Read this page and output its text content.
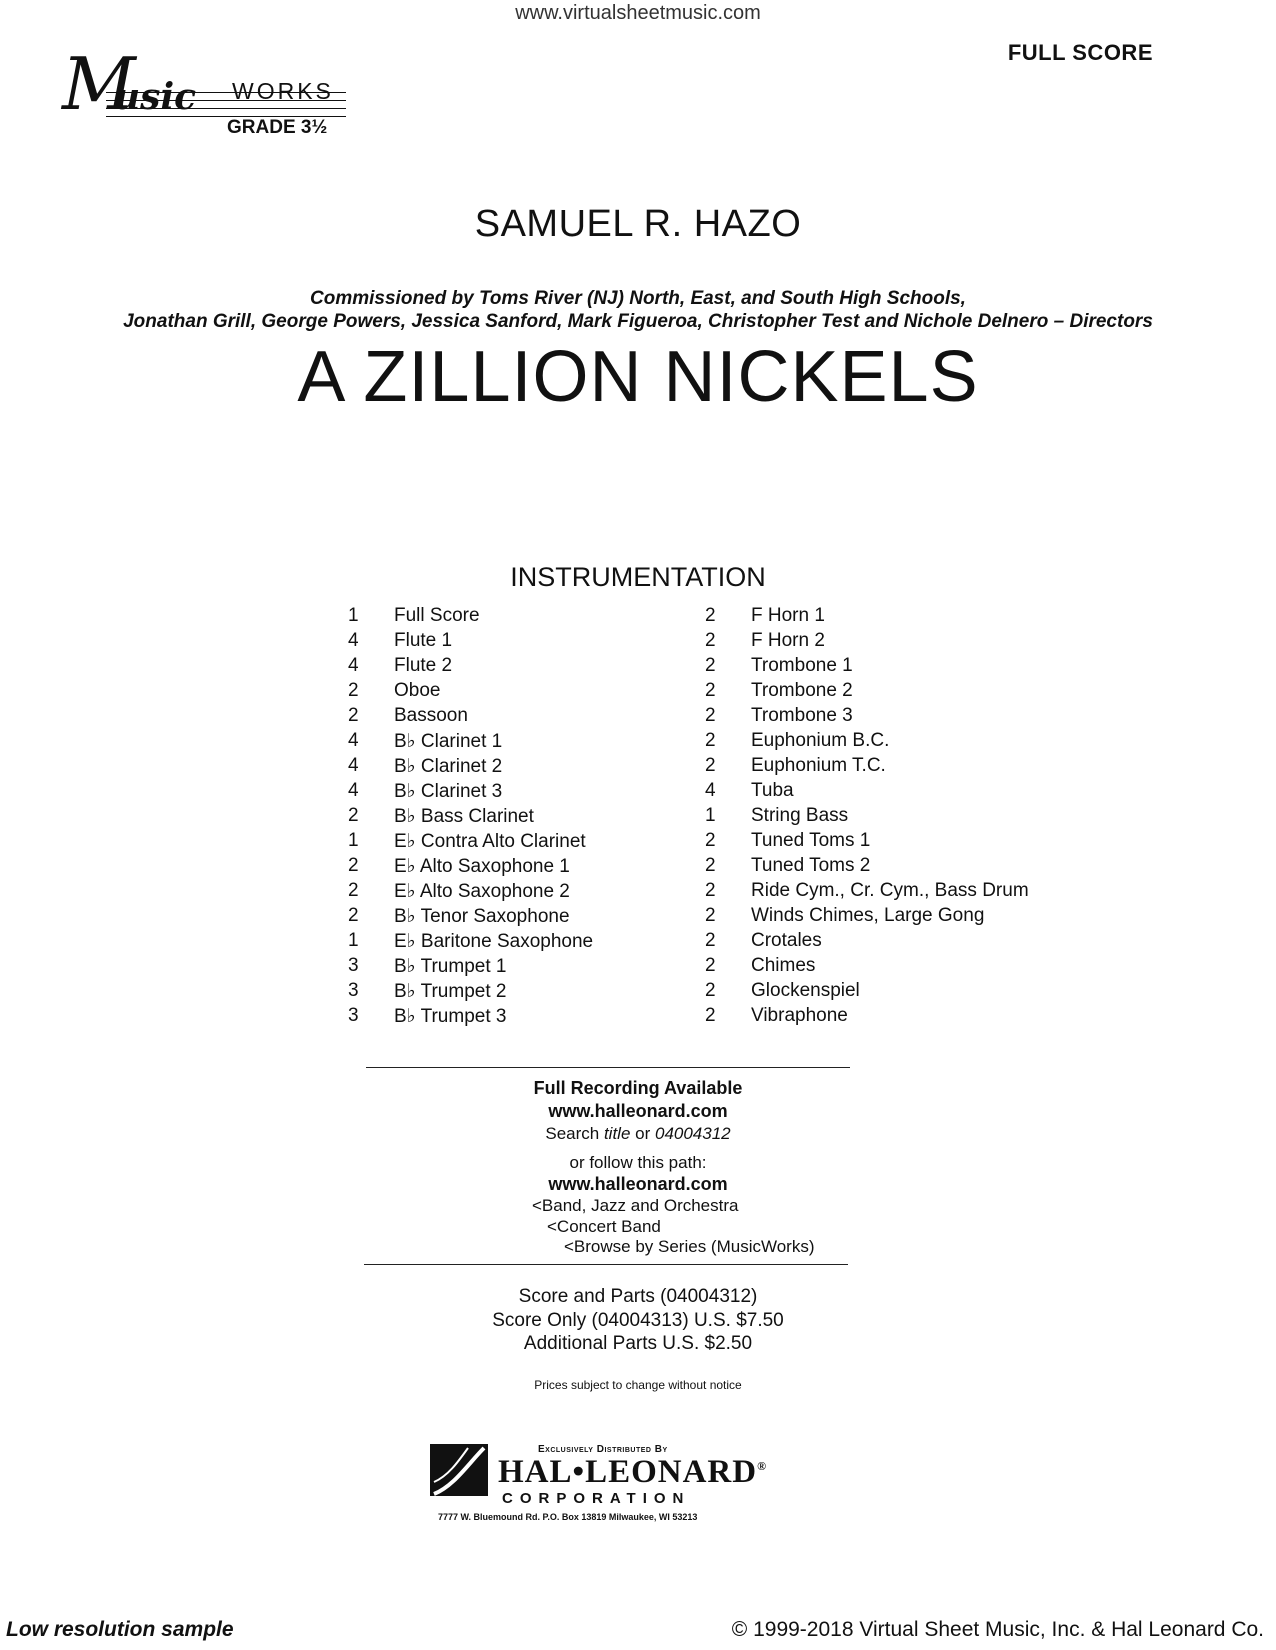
www.virtualsheetmusic.com
M
usic WORKS
GRADE 3½
FULL SCORE
SAMUEL R. HAZO
Commissioned by Toms River (NJ) North, East, and South High Schools,
Jonathan Grill, George Powers, Jessica Sanford, Mark Figueroa, Christopher Test and Nichole Delnero – Directors
A ZILLION NICKELS
INSTRUMENTATION
1 Full Score
4 Flute 1
4 Flute 2
2 Oboe
2 Bassoon
4 B♭ Clarinet 1
4 B♭ Clarinet 2
4 B♭ Clarinet 3
2 B♭ Bass Clarinet
1 E♭ Contra Alto Clarinet
2 E♭ Alto Saxophone 1
2 E♭ Alto Saxophone 2
2 B♭ Tenor Saxophone
1 E♭ Baritone Saxophone
3 B♭ Trumpet 1
3 B♭ Trumpet 2
3 B♭ Trumpet 3
2 F Horn 1
2 F Horn 2
2 Trombone 1
2 Trombone 2
2 Trombone 3
2 Euphonium B.C.
2 Euphonium T.C.
4 Tuba
1 String Bass
2 Tuned Toms 1
2 Tuned Toms 2
2 Ride Cym., Cr. Cym., Bass Drum
2 Winds Chimes, Large Gong
2 Crotales
2 Chimes
2 Glockenspiel
2 Vibraphone
Full Recording Available
www.halleonard.com
Search title or 04004312
or follow this path:
www.halleonard.com
<Band, Jazz and Orchestra
<Concert Band
<Browse by Series (MusicWorks)
Score and Parts (04004312)
Score Only (04004313) U.S. $7.50
Additional Parts U.S. $2.50
Prices subject to change without notice
Exclusively Distributed By
HAL•LEONARD®
CORPORATION
7777 W. Bluemound Rd. P.O. Box 13819 Milwaukee, WI 53213
Low resolution sample	© 1999-2018 Virtual Sheet Music, Inc. & Hal Leonard Co.
